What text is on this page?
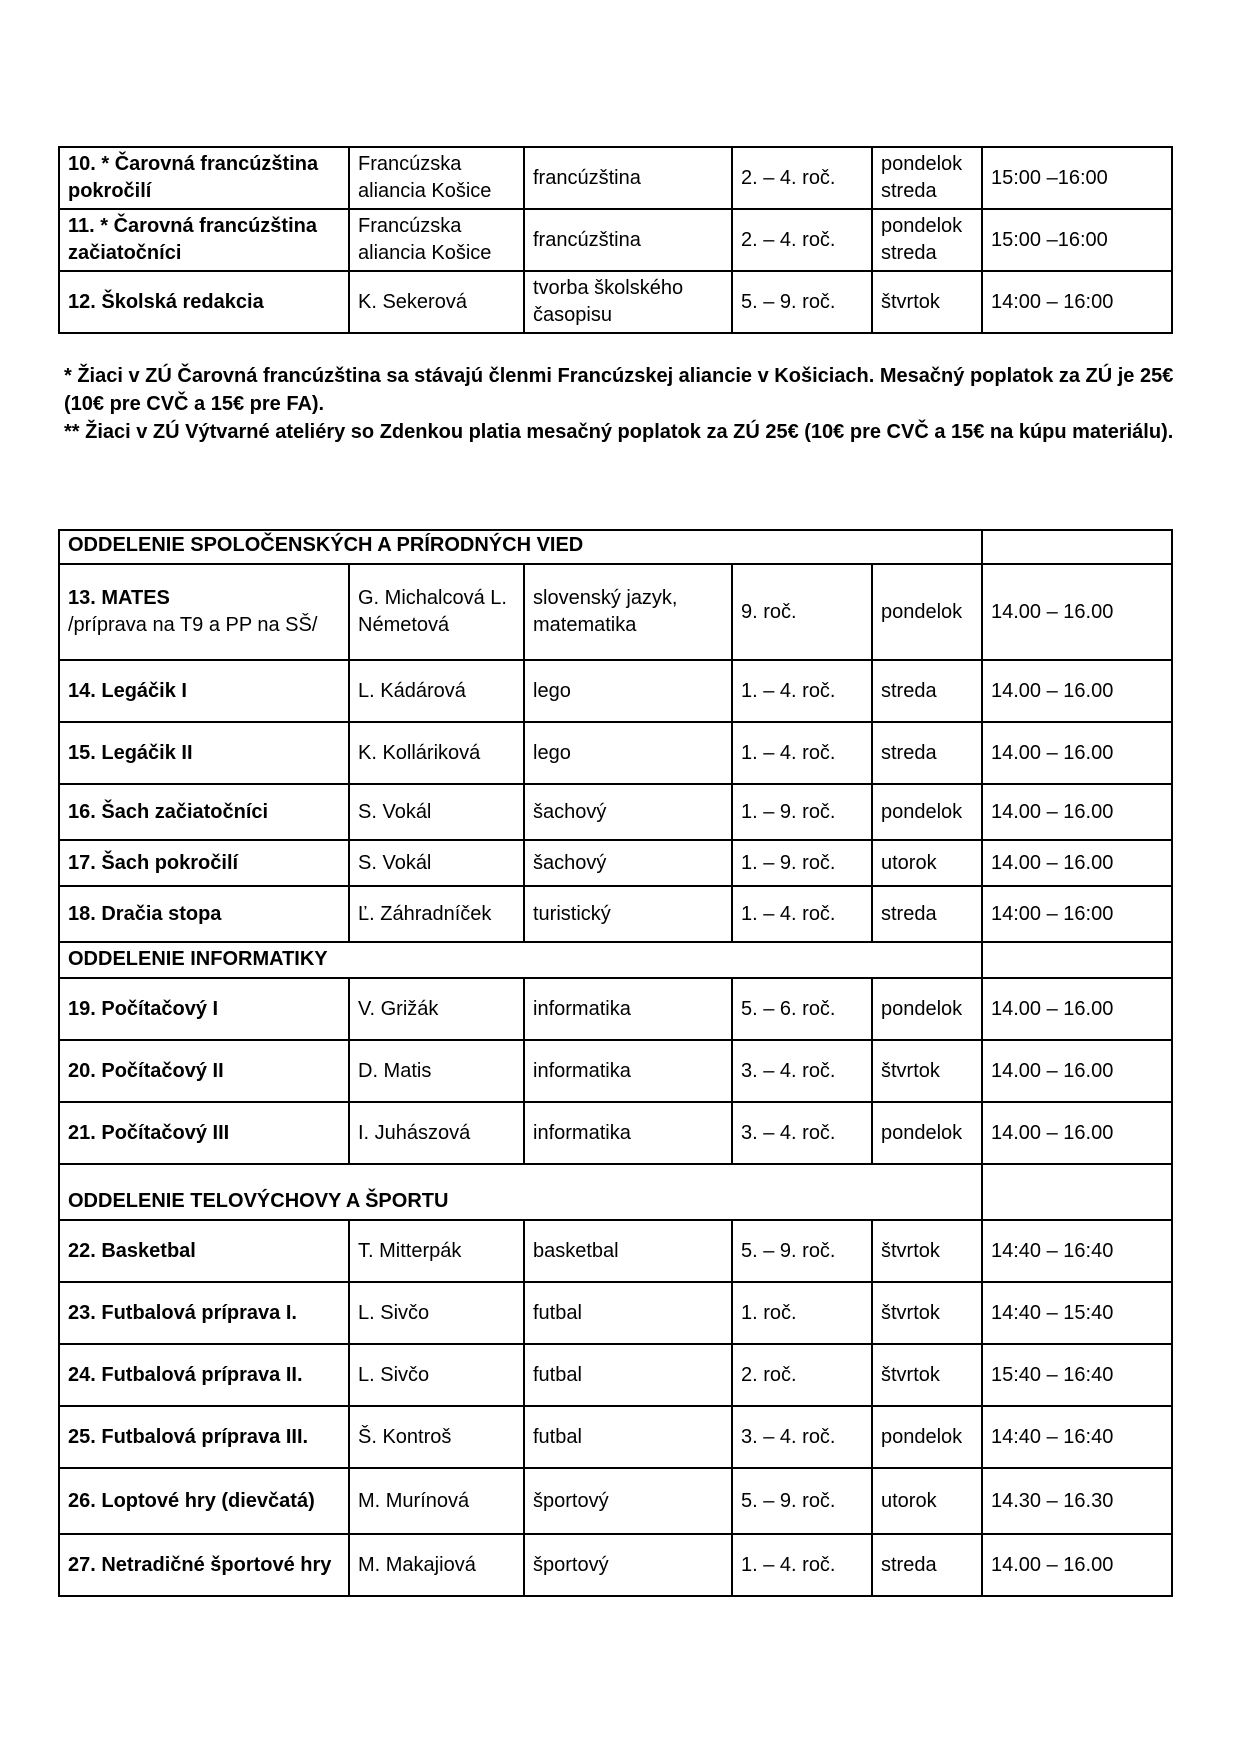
10. * Čarovná francúzština pokročilí	Francúzska aliancia Košice	francúzština	2. – 4. roč.	pondelok streda	15:00 –16:00
11. * Čarovná francúzština začiatočníci	Francúzska aliancia Košice	francúzština	2. – 4. roč.	pondelok streda	15:00 –16:00
12. Školská redakcia	K. Sekerová	tvorba školského časopisu	5. – 9. roč.	štvrtok	14:00 – 16:00
* Žiaci v ZÚ Čarovná francúzština sa stávajú členmi Francúzskej aliancie v Košiciach. Mesačný poplatok za ZÚ je 25€
(10€ pre CVČ a 15€ pre FA).
** Žiaci v ZÚ Výtvarné ateliéry so Zdenkou platia mesačný poplatok za ZÚ 25€ (10€ pre CVČ a 15€ na kúpu materiálu).
ODDELENIE SPOLOČENSKÝCH A PRÍRODNÝCH VIED					
13. MATES
/príprava na T9 a PP na SŠ/	G. Michalcová L. Németová	slovenský jazyk, matematika	9. roč.	pondelok	14.00 – 16.00
14. Legáčik I	L. Kádárová	lego	1. – 4. roč.	streda	14.00 – 16.00
15. Legáčik II	K. Kolláriková	lego	1. – 4. roč.	streda	14.00 – 16.00
16. Šach začiatočníci	S. Vokál	šachový	1. – 9. roč.	pondelok	14.00 – 16.00
17. Šach pokročilí	S. Vokál	šachový	1. – 9. roč.	utorok	14.00 – 16.00
18. Dračia stopa	Ľ. Záhradníček	turistický	1. – 4. roč.	streda	14:00 – 16:00
ODDELENIE INFORMATIKY					
19. Počítačový I	V. Grižák	informatika	5. – 6. roč.	pondelok	14.00 – 16.00
20. Počítačový II	D. Matis	informatika	3. – 4. roč.	štvrtok	14.00 – 16.00
21. Počítačový III	I. Juhászová	informatika	3. – 4. roč.	pondelok	14.00 – 16.00
ODDELENIE TELOVÝCHOVY A ŠPORTU					
22. Basketbal	T. Mitterpák	basketbal	5. – 9. roč.	štvrtok	14:40 – 16:40
23. Futbalová príprava I.	L. Sivčo	futbal	1. roč.	štvrtok	14:40 – 15:40
24. Futbalová príprava II.	L. Sivčo	futbal	2. roč.	štvrtok	15:40 – 16:40
25. Futbalová príprava III.	Š. Kontroš	futbal	3. – 4. roč.	pondelok	14:40 – 16:40
26. Loptové hry (dievčatá)	M. Murínová	športový	5. – 9. roč.	utorok	14.30 – 16.30
27. Netradičné športové hry	M. Makajiová	športový	1. – 4. roč.	streda	14.00 – 16.00
